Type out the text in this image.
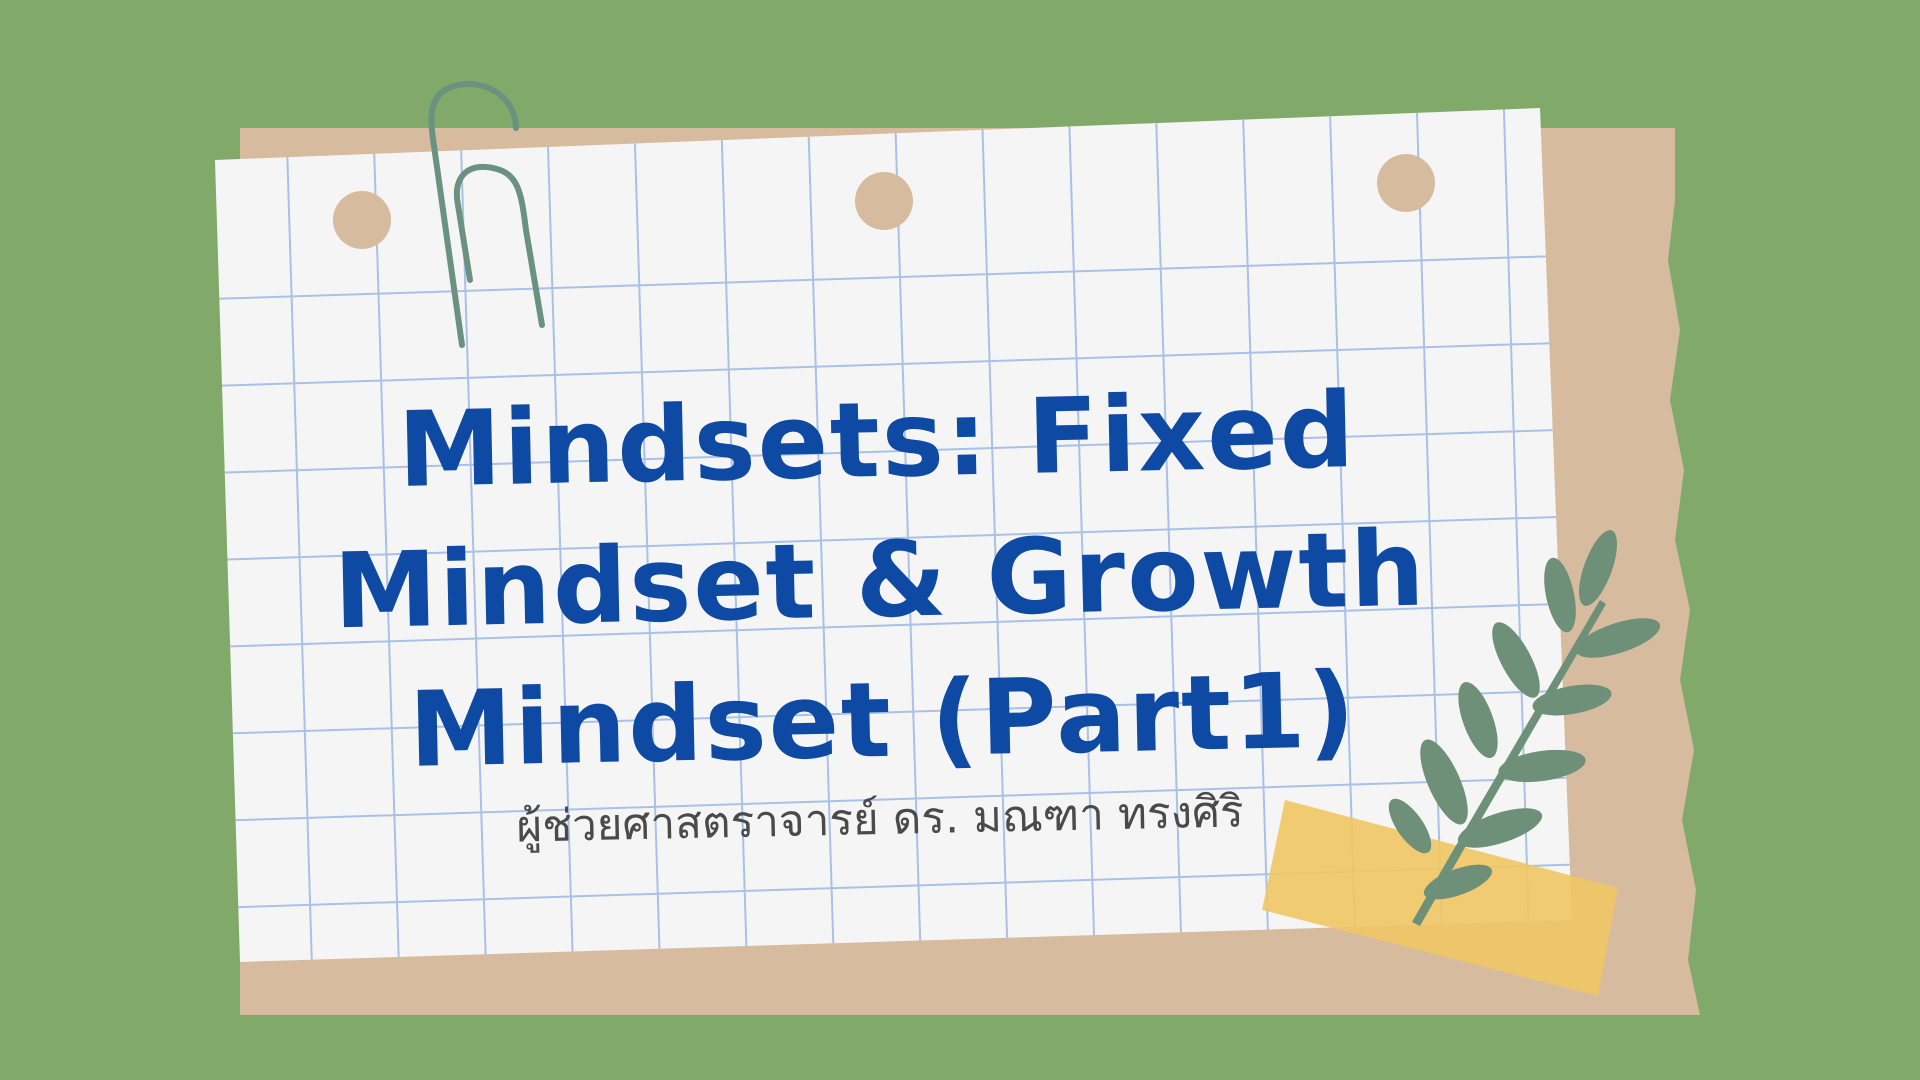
Mindsets: Fixed
Mindset & Growth
Mindset (Part1)
ผู้ช่วยศาสตราจารย์ ดร. มณฑา ทรงศิริ
